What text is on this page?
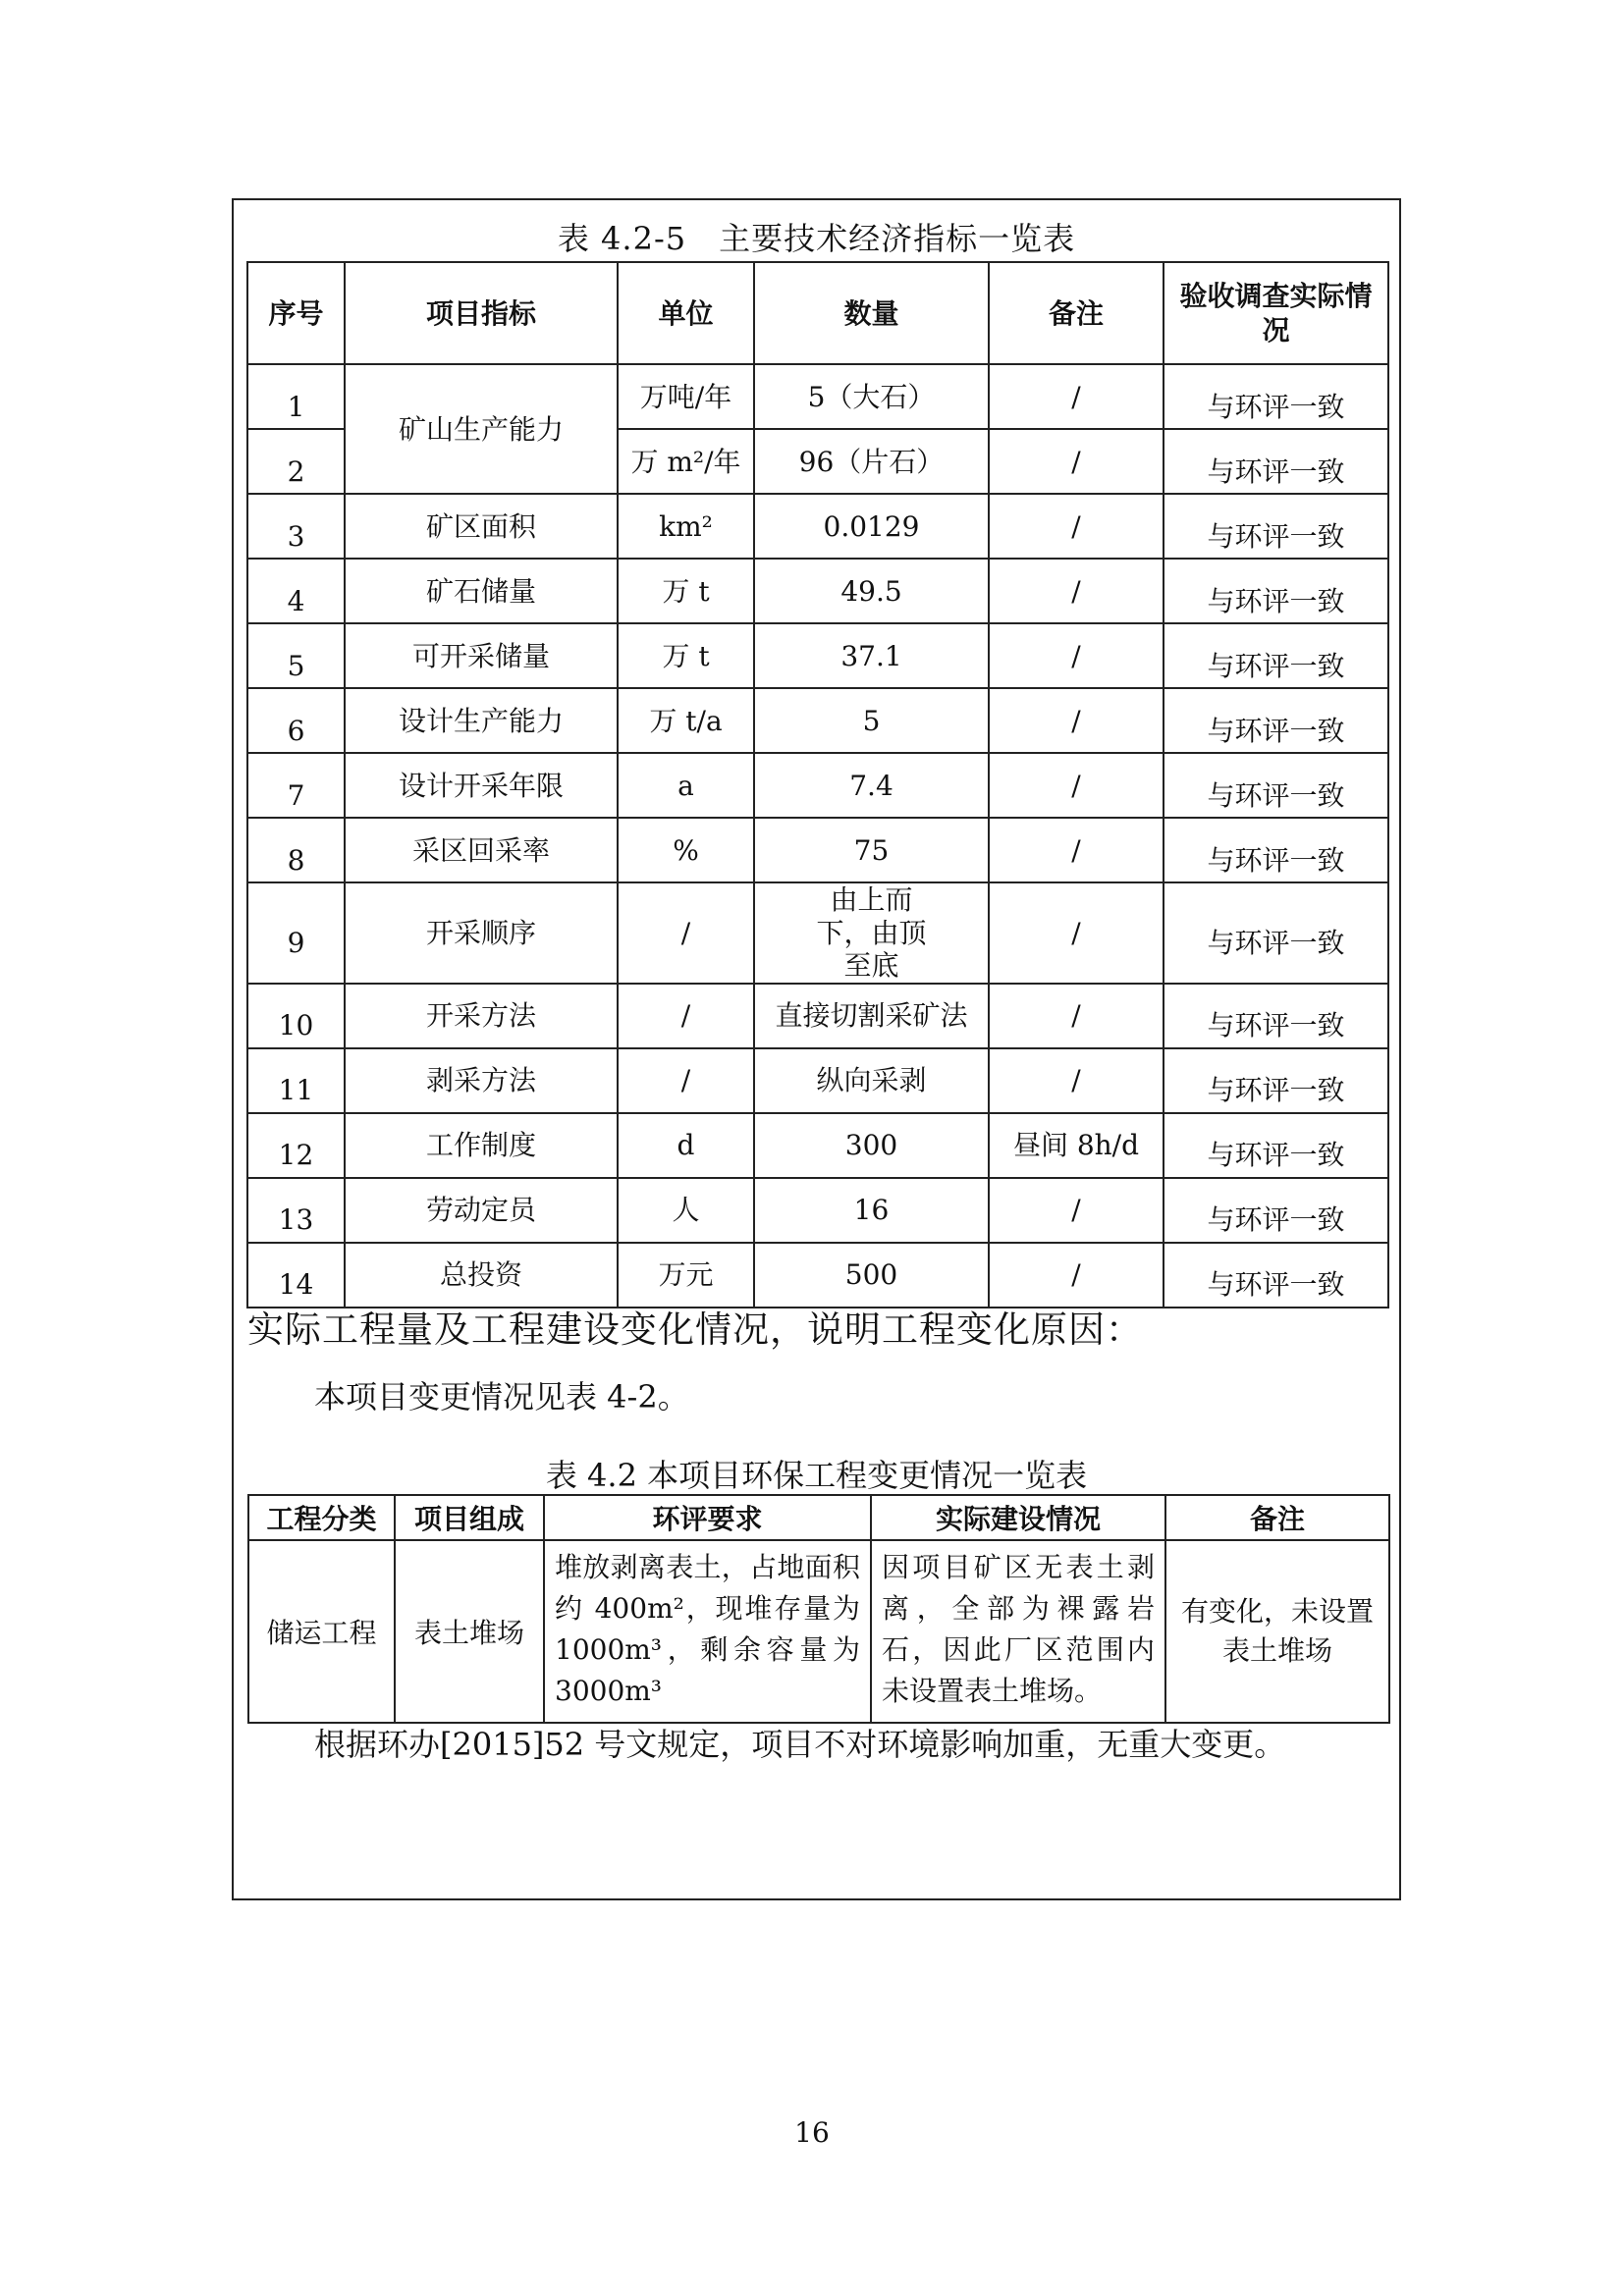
表 4.2-5　主要技术经济指标一览表
序号	项目指标	单位	数量	备注	验收调查实际情况
1	矿山生产能力	万吨/年	5（大石）	/	与环评一致
2		万 m²/年	96（片石）	/	与环评一致
3	矿区面积	km²	0.0129	/	与环评一致
4	矿石储量	万 t	49.5	/	与环评一致
5	可开采储量	万 t	37.1	/	与环评一致
6	设计生产能力	万 t/a	5	/	与环评一致
7	设计开采年限	a	7.4	/	与环评一致
8	采区回采率	%	75	/	与环评一致
9	开采顺序	/	由上而下，由顶至底	/	与环评一致
10	开采方法	/	直接切割采矿法	/	与环评一致
11	剥采方法	/	纵向采剥	/	与环评一致
12	工作制度	d	300	昼间 8h/d	与环评一致
13	劳动定员	人	16	/	与环评一致
14	总投资	万元	500	/	与环评一致
实际工程量及工程建设变化情况，说明工程变化原因：
本项目变更情况见表 4-2。
表 4.2 本项目环保工程变更情况一览表
工程分类	项目组成	环评要求	实际建设情况	备注
储运工程	表土堆场	堆放剥离表土，占地面积约 400m²，现堆存量为 1000m³，剩余容量为 3000m³	因项目矿区无表土剥离，全部为裸露岩石，因此厂区范围内未设置表土堆场。	有变化，未设置表土堆场
根据环办[2015]52 号文规定，项目不对环境影响加重，无重大变更。
16
